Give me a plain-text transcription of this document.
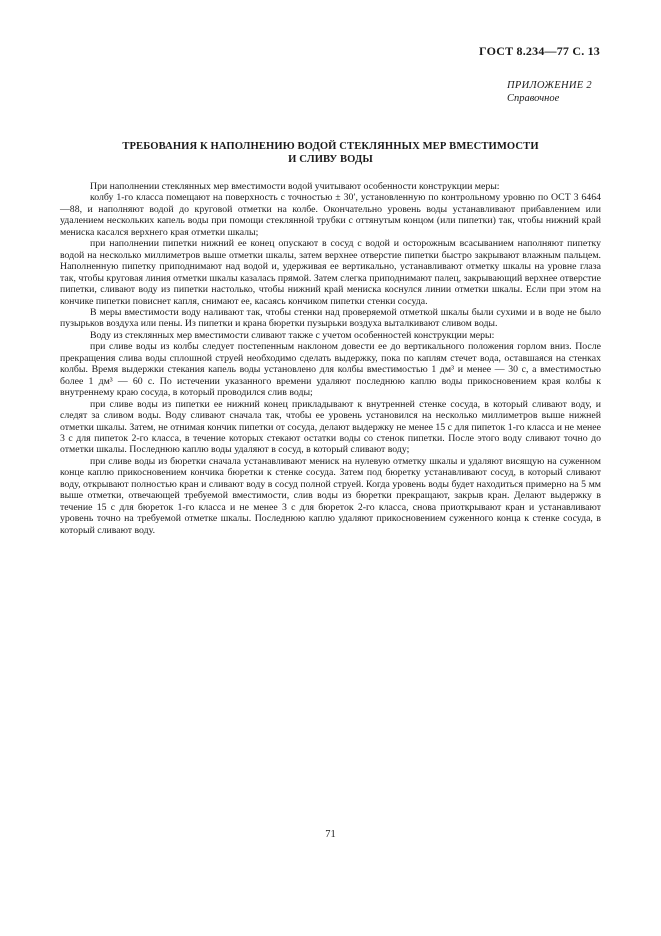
ГОСТ 8.234—77 С. 13
ПРИЛОЖЕНИЕ 2
Справочное
ТРЕБОВАНИЯ К НАПОЛНЕНИЮ ВОДОЙ СТЕКЛЯННЫХ МЕР ВМЕСТИМОСТИ
И СЛИВУ ВОДЫ

При наполнении стеклянных мер вместимости водой учитывают особенности конструкции меры:

колбу 1-го класса помещают на поверхность с точностью ± 30′, установленную по контрольному уровню по ОСТ 3 6464—88, и наполняют водой до круговой отметки на колбе. Окончательно уровень воды устанавливают прибавлением или удалением нескольких капель воды при помощи стеклянной трубки с оттянутым концом (или пипетки) так, чтобы нижний край мениска касался верхнего края отметки шкалы;

при наполнении пипетки нижний ее конец опускают в сосуд с водой и осторожным всасыванием наполняют пипетку водой на несколько миллиметров выше отметки шкалы, затем верхнее отверстие пипетки быстро закрывают влажным пальцем. Наполненную пипетку приподнимают над водой и, удерживая ее вертикально, устанавливают отметку шкалы на уровне глаза так, чтобы круговая линия отметки шкалы казалась прямой. Затем слегка приподнимают палец, закрывающий верхнее отверстие пипетки, сливают воду из пипетки настолько, чтобы нижний край мениска коснулся линии отметки шкалы. Если при этом на кончике пипетки повиснет капля, снимают ее, касаясь кончиком пипетки стенки сосуда.

В меры вместимости воду наливают так, чтобы стенки над проверяемой отметкой шкалы были сухими и в воде не было пузырьков воздуха или пены. Из пипетки и крана бюретки пузырьки воздуха выталкивают сливом воды.

Воду из стеклянных мер вместимости сливают также с учетом особенностей конструкции меры:

при сливе воды из колбы следует постепенным наклоном довести ее до вертикального положения горлом вниз. После прекращения слива воды сплошной струей необходимо сделать выдержку, пока по каплям стечет вода, оставшаяся на стенках колбы. Время выдержки стекания капель воды установлено для колбы вместимостью 1 дм³ и менее — 30 с, а вместимостью более 1 дм³ — 60 с. По истечении указанного времени удаляют последнюю каплю воды прикосновением края колбы к внутреннему краю сосуда, в который проводился слив воды;

при сливе воды из пипетки ее нижний конец прикладывают к внутренней стенке сосуда, в который сливают воду, и следят за сливом воды. Воду сливают сначала так, чтобы ее уровень установился на несколько миллиметров выше нижней отметки шкалы. Затем, не отнимая кончик пипетки от сосуда, делают выдержку не менее 15 с для пипеток 1-го класса и не менее 3 с для пипеток 2-го класса, в течение которых стекают остатки воды со стенок пипетки. После этого воду сливают точно до отметки шкалы. Последнюю каплю воды удаляют в сосуд, в который сливают воду;

при сливе воды из бюретки сначала устанавливают мениск на нулевую отметку шкалы и удаляют висящую на суженном конце каплю прикосновением кончика бюретки к стенке сосуда. Затем под бюретку устанавливают сосуд, в который сливают воду, открывают полностью кран и сливают воду в сосуд полной струей. Когда уровень воды будет находиться примерно на 5 мм выше отметки, отвечающей требуемой вместимости, слив воды из бюретки прекращают, закрыв кран. Делают выдержку в течение 15 с для бюреток 1-го класса и не менее 3 с для бюреток 2-го класса, снова приоткрывают кран и устанавливают уровень точно на требуемой отметке шкалы. Последнюю каплю удаляют прикосновением суженного конца к стенке сосуда, в который сливают воду.

71
